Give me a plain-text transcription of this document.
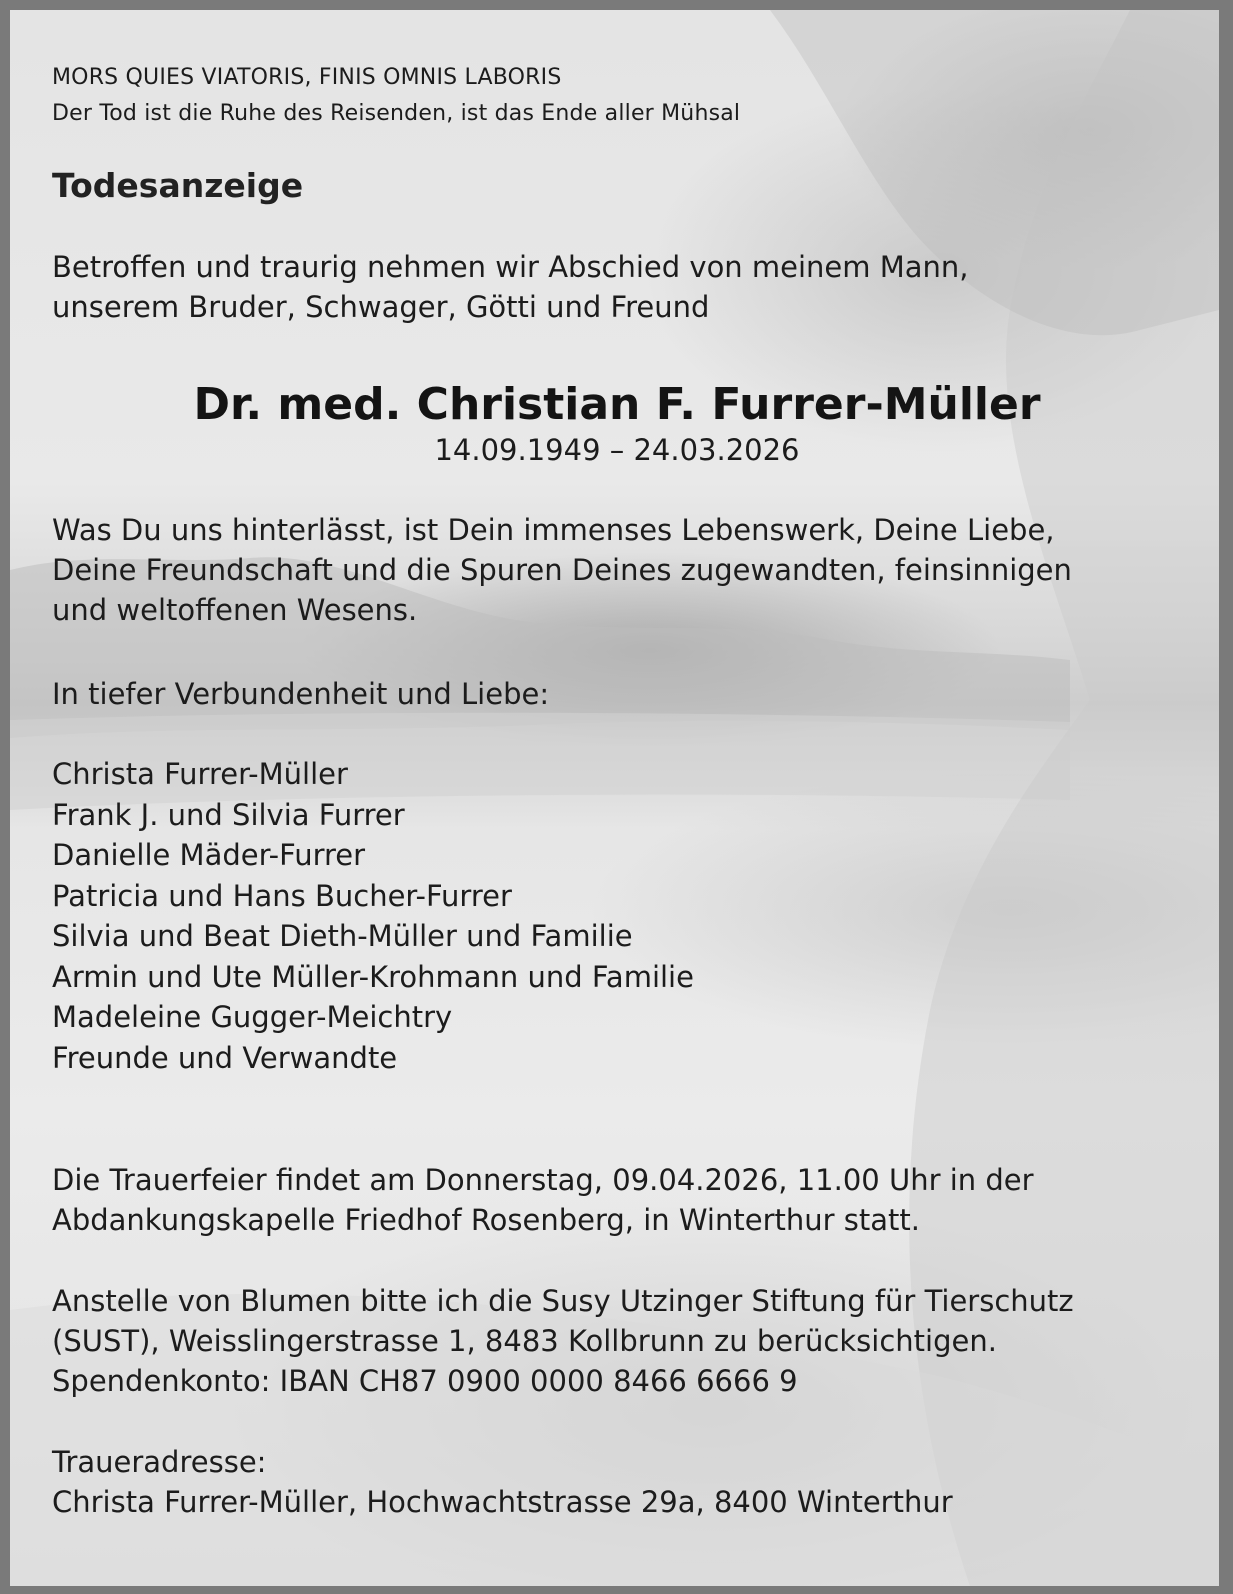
MORS QUIES VIATORIS, FINIS OMNIS LABORIS
Der Tod ist die Ruhe des Reisenden, ist das Ende aller Mühsal
Todesanzeige
Betroffen und traurig nehmen wir Abschied von meinem Mann,
unserem Bruder, Schwager, Götti und Freund
Dr. med. Christian F. Furrer-Müller
14.09.1949 – 24.03.2026
Was Du uns hinterlässt, ist Dein immenses Lebenswerk, Deine Liebe,
Deine Freundschaft und die Spuren Deines zugewandten, feinsinnigen
und weltoffenen Wesens.
In tiefer Verbundenheit und Liebe:
Christa Furrer-Müller
Frank J. und Silvia Furrer
Danielle Mäder-Furrer
Patricia und Hans Bucher-Furrer
Silvia und Beat Dieth-Müller und Familie
Armin und Ute Müller-Krohmann und Familie
Madeleine Gugger-Meichtry
Freunde und Verwandte
Die Trauerfeier findet am Donnerstag, 09.04.2026, 11.00 Uhr in der
Abdankungskapelle Friedhof Rosenberg, in Winterthur statt.
Anstelle von Blumen bitte ich die Susy Utzinger Stiftung für Tierschutz
(SUST), Weisslingerstrasse 1, 8483 Kollbrunn zu berücksichtigen.
Spendenkonto: IBAN CH87 0900 0000 8466 6666 9
Traueradresse:
Christa Furrer-Müller, Hochwachtstrasse 29a, 8400 Winterthur
